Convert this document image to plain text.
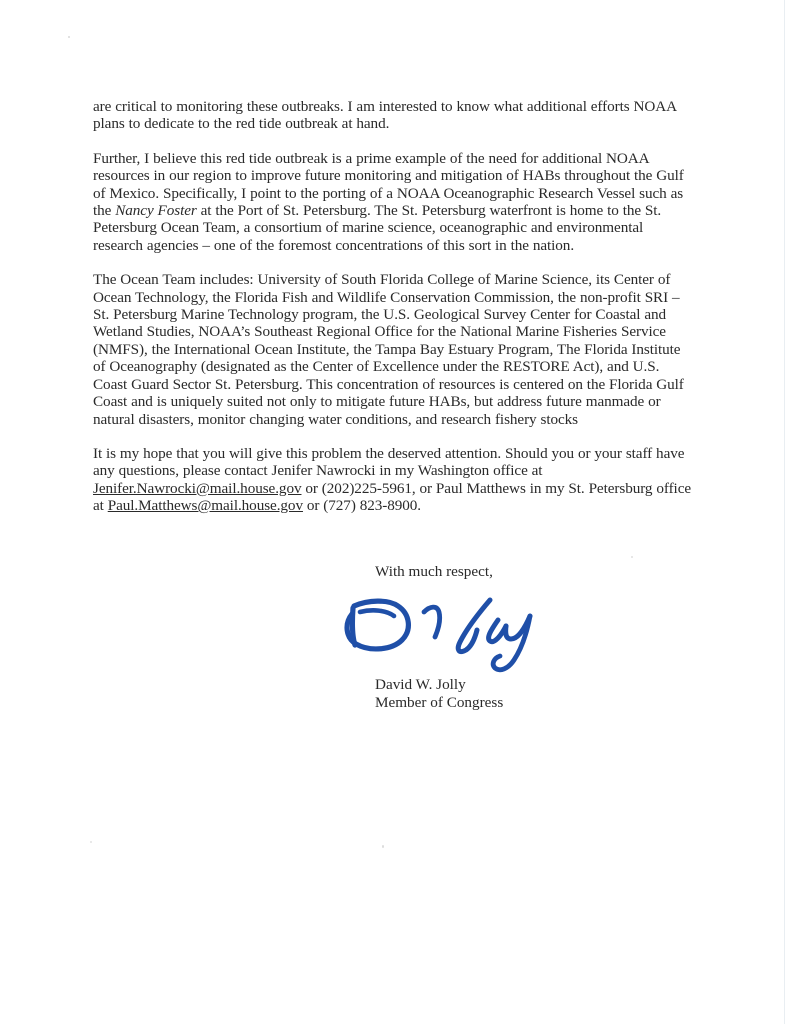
are critical to monitoring these outbreaks. I am interested to know what additional efforts NOAA plans to dedicate to the red tide outbreak at hand.

Further, I believe this red tide outbreak is a prime example of the need for additional NOAA resources in our region to improve future monitoring and mitigation of HABs throughout the Gulf of Mexico. Specifically, I point to the porting of a NOAA Oceanographic Research Vessel such as the Nancy Foster at the Port of St. Petersburg. The St. Petersburg waterfront is home to the St. Petersburg Ocean Team, a consortium of marine science, oceanographic and environmental research agencies – one of the foremost concentrations of this sort in the nation.

The Ocean Team includes: University of South Florida College of Marine Science, its Center of Ocean Technology, the Florida Fish and Wildlife Conservation Commission, the non-profit SRI – St. Petersburg Marine Technology program, the U.S. Geological Survey Center for Coastal and Wetland Studies, NOAA’s Southeast Regional Office for the National Marine Fisheries Service (NMFS), the International Ocean Institute, the Tampa Bay Estuary Program, The Florida Institute of Oceanography (designated as the Center of Excellence under the RESTORE Act), and U.S. Coast Guard Sector St. Petersburg. This concentration of resources is centered on the Florida Gulf Coast and is uniquely suited not only to mitigate future HABs, but address future manmade or natural disasters, monitor changing water conditions, and research fishery stocks

It is my hope that you will give this problem the deserved attention. Should you or your staff have any questions, please contact Jenifer Nawrocki in my Washington office at Jenifer.Nawrocki@mail.house.gov or (202)225-5961, or Paul Matthews in my St. Petersburg office at Paul.Matthews@mail.house.gov or (727) 823-8900.

With much respect,

David W. Jolly

Member of Congress
